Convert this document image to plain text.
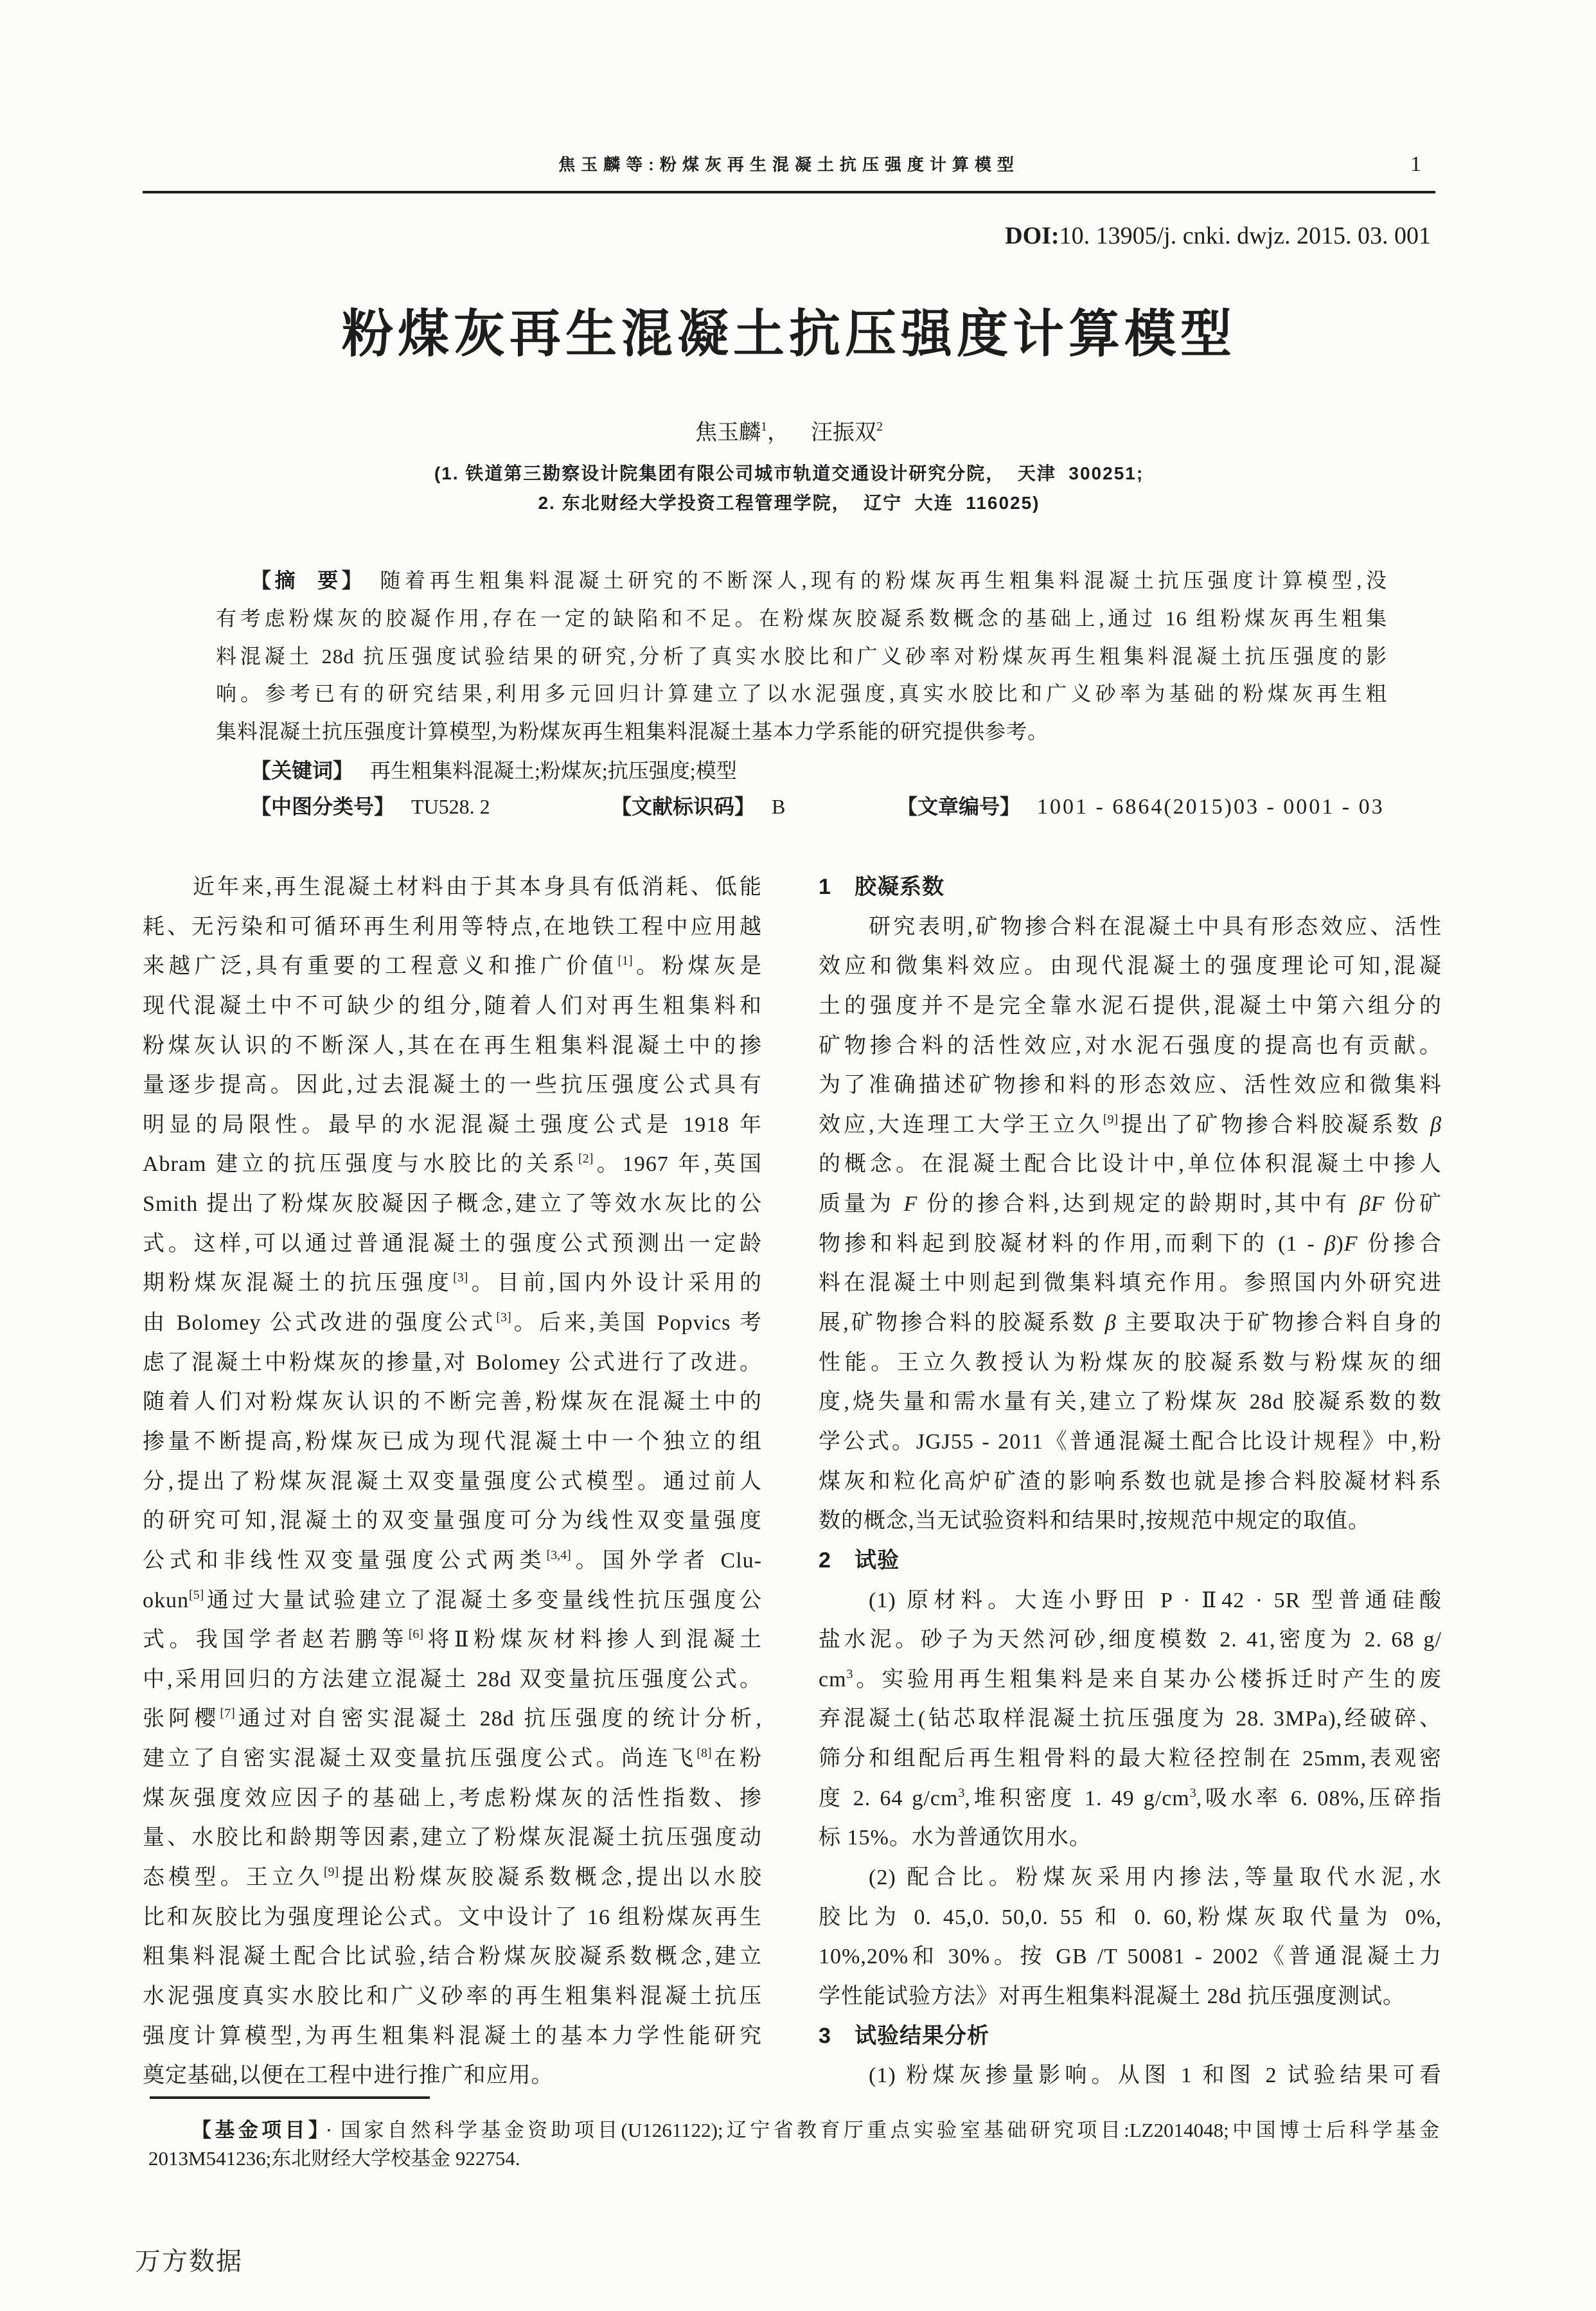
焦玉麟等:粉煤灰再生混凝土抗压强度计算模型	1
DOI:10. 13905/j. cnki. dwjz. 2015. 03. 001
粉煤灰再生混凝土抗压强度计算模型
焦玉麟$^1$， 汪振双$^2$
(1. 铁道第三勘察设计院集团有限公司城市轨道交通设计研究分院，  天津  300251;
2. 东北财经大学投资工程管理学院，  辽宁  大连  116025)
【摘  要】 随着再生粗集料混凝土研究的不断深人,现有的粉煤灰再生粗集料混凝土抗压强度计算模型,没
有考虑粉煤灰的胶凝作用,存在一定的缺陷和不足。在粉煤灰胶凝系数概念的基础上,通过 16 组粉煤灰再生粗集
料混凝土 28d 抗压强度试验结果的研究,分析了真实水胶比和广义砂率对粉煤灰再生粗集料混凝土抗压强度的影
响。参考已有的研究结果,利用多元回归计算建立了以水泥强度,真实水胶比和广义砂率为基础的粉煤灰再生粗
集料混凝土抗压强度计算模型,为粉煤灰再生粗集料混凝土基本力学系能的研究提供参考。
【关键词】 再生粗集料混凝土;粉煤灰;抗压强度;模型
【中图分类号】 TU528. 2	【文献标识码】 B	【文章编号】 1001 - 6864(2015)03 - 0001 - 03
近年来,再生混凝土材料由于其本身具有低消耗、低能
耗、无污染和可循环再生利用等特点,在地铁工程中应用越
来越广泛,具有重要的工程意义和推广价值[1]。粉煤灰是
现代混凝土中不可缺少的组分,随着人们对再生粗集料和
粉煤灰认识的不断深人,其在在再生粗集料混凝土中的掺
量逐步提高。因此,过去混凝土的一些抗压强度公式具有
明显的局限性。最早的水泥混凝土强度公式是 1918 年
Abram 建立的抗压强度与水胶比的关系[2]。1967 年,英国
Smith 提出了粉煤灰胶凝因子概念,建立了等效水灰比的公
式。这样,可以通过普通混凝土的强度公式预测出一定龄
期粉煤灰混凝土的抗压强度[3]。目前,国内外设计采用的
由 Bolomey 公式改进的强度公式[3]。后来,美国 Popvics 考
虑了混凝土中粉煤灰的掺量,对 Bolomey 公式进行了改进。
随着人们对粉煤灰认识的不断完善,粉煤灰在混凝土中的
掺量不断提高,粉煤灰已成为现代混凝土中一个独立的组
分,提出了粉煤灰混凝土双变量强度公式模型。通过前人
的研究可知,混凝土的双变量强度可分为线性双变量强度
公式和非线性双变量强度公式两类[3,4]。国外学者 Clu-
okun[5]通过大量试验建立了混凝土多变量线性抗压强度公
式。我国学者赵若鹏等[6]将Ⅱ粉煤灰材料掺人到混凝土
中,采用回归的方法建立混凝土 28d 双变量抗压强度公式。
张阿樱[7]通过对自密实混凝土 28d 抗压强度的统计分析,
建立了自密实混凝土双变量抗压强度公式。尚连飞[8]在粉
煤灰强度效应因子的基础上,考虑粉煤灰的活性指数、掺
量、水胶比和龄期等因素,建立了粉煤灰混凝土抗压强度动
态模型。王立久[9]提出粉煤灰胶凝系数概念,提出以水胶
比和灰胶比为强度理论公式。文中设计了 16 组粉煤灰再生
粗集料混凝土配合比试验,结合粉煤灰胶凝系数概念,建立
水泥强度真实水胶比和广义砂率的再生粗集料混凝土抗压
强度计算模型,为再生粗集料混凝土的基本力学性能研究
奠定基础,以便在工程中进行推广和应用。
1 胶凝系数
研究表明,矿物掺合料在混凝土中具有形态效应、活性
效应和微集料效应。由现代混凝土的强度理论可知,混凝
土的强度并不是完全靠水泥石提供,混凝土中第六组分的
矿物掺合料的活性效应,对水泥石强度的提高也有贡献。
为了准确描述矿物掺和料的形态效应、活性效应和微集料
效应,大连理工大学王立久[9]提出了矿物掺合料胶凝系数 β
的概念。在混凝土配合比设计中,单位体积混凝土中掺人
质量为 F 份的掺合料,达到规定的龄期时,其中有 βF 份矿
物掺和料起到胶凝材料的作用,而剩下的 (1 - β)F 份掺合
料在混凝土中则起到微集料填充作用。参照国内外研究进
展,矿物掺合料的胶凝系数 β 主要取决于矿物掺合料自身的
性能。王立久教授认为粉煤灰的胶凝系数与粉煤灰的细
度,烧失量和需水量有关,建立了粉煤灰 28d 胶凝系数的数
学公式。JGJ55 - 2011《普通混凝土配合比设计规程》中,粉
煤灰和粒化高炉矿渣的影响系数也就是掺合料胶凝材料系
数的概念,当无试验资料和结果时,按规范中规定的取值。
2 试验
(1) 原材料。大连小野田 P · Ⅱ42 · 5R 型普通硅酸
盐水泥。砂子为天然河砂,细度模数 2. 41,密度为 2. 68 g/
$cm^3$。实验用再生粗集料是来自某办公楼拆迁时产生的废
弃混凝土(钻芯取样混凝土抗压强度为 28. 3MPa),经破碎、
筛分和组配后再生粗骨料的最大粒径控制在 25mm,表观密
度 2. 64 $g/cm^3$,堆积密度 1. 49 $g/cm^3$,吸水率 6. 08%,压碎指
标 15%。水为普通饮用水。
(2) 配合比。粉煤灰采用内掺法,等量取代水泥,水
胶比为 0. 45,0. 50,0. 55 和 0. 60,粉煤灰取代量为 0%,
10%,20%和 30%。按 GB /T 50081 - 2002《普通混凝土力
学性能试验方法》对再生粗集料混凝土 28d 抗压强度测试。
3 试验结果分析
(1) 粉煤灰掺量影响。从图 1 和图 2 试验结果可看
【基金项目】 · 国家自然科学基金资助项目(U1261122);辽宁省教育厅重点实验室基础研究项目:LZ2014048;中国博士后科学基金
2013M541236;东北财经大学校基金 922754.
万方数据
